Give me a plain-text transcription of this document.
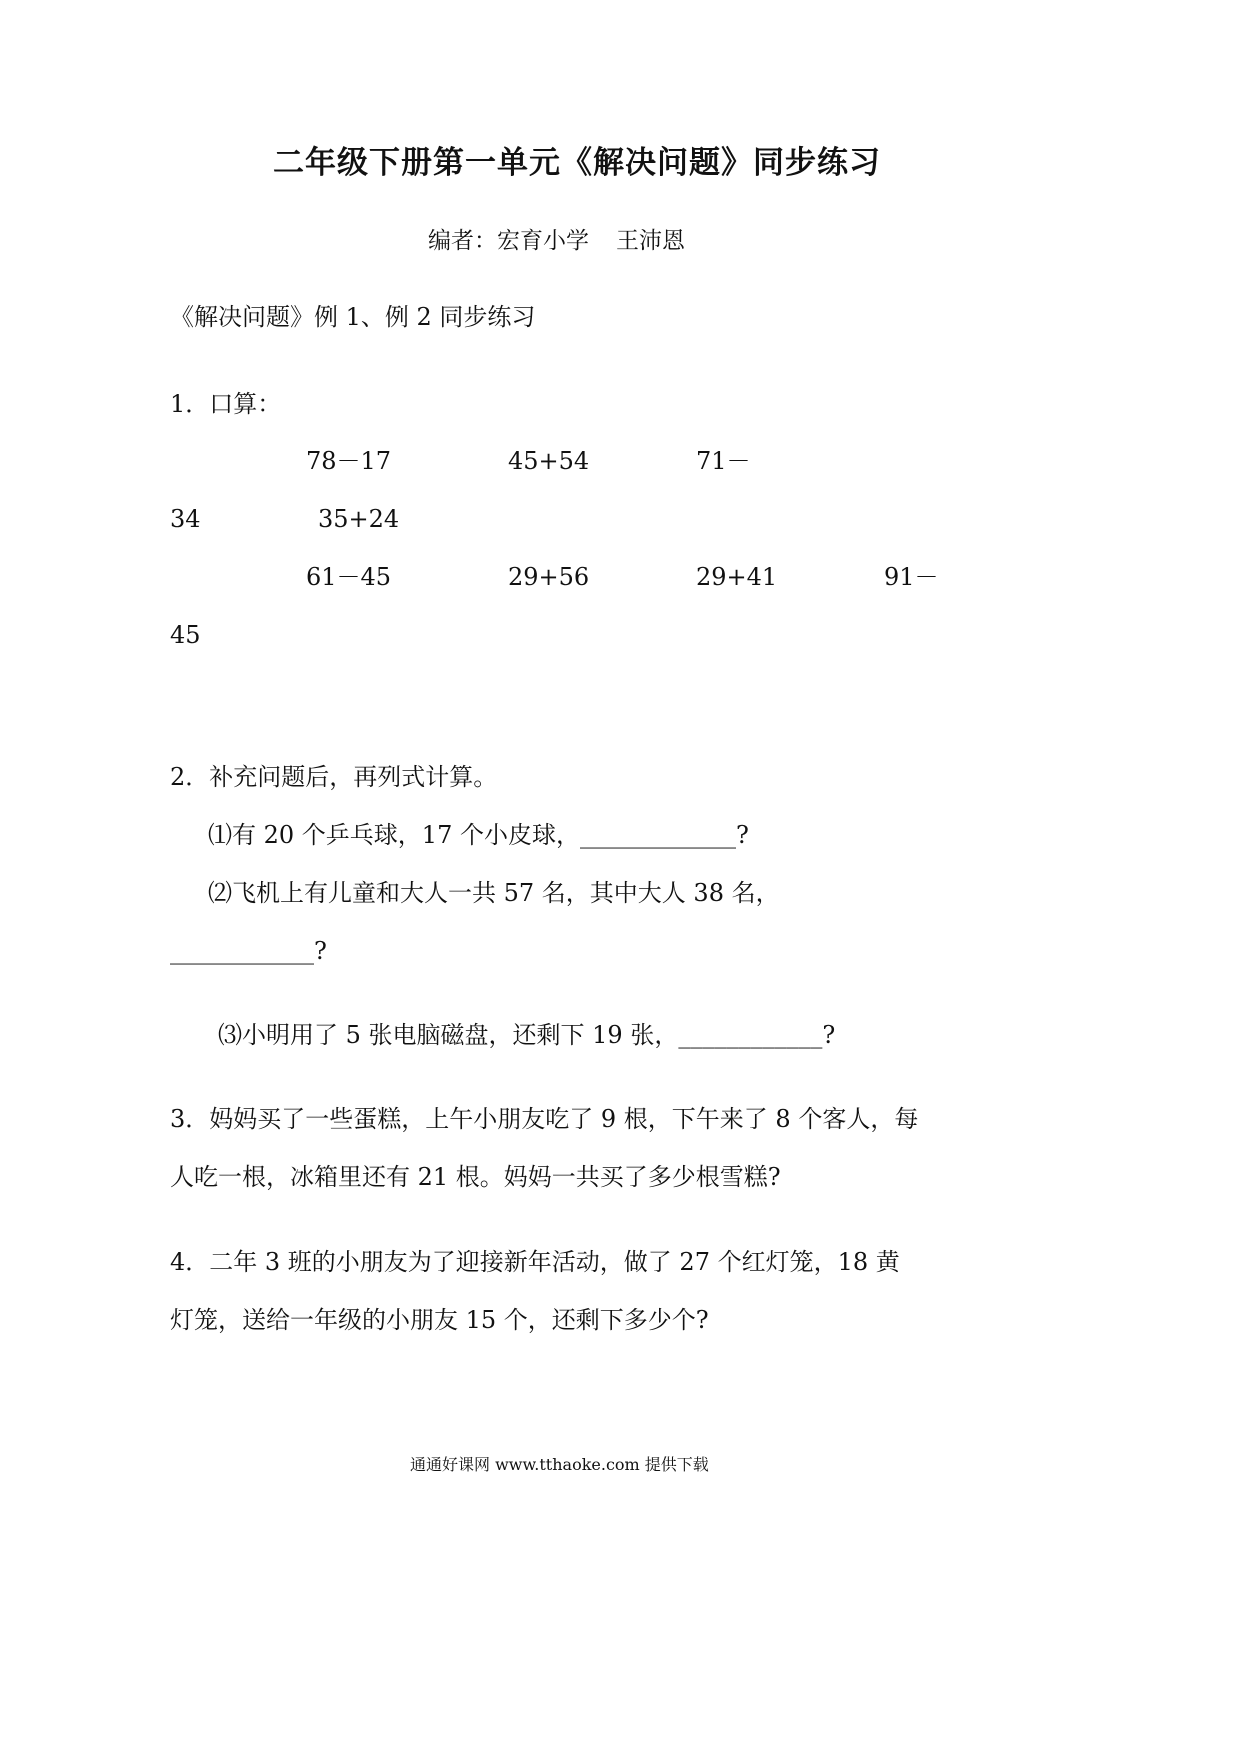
二年级下册第一单元《解决问题》同步练习
编者：宏育小学 王沛恩
《解决问题》例 1、例 2 同步练习
1．口算：
78－17	45+54	71－
34	35+24
61－45	29+56	29+41	91－
45
2．补充问题后，再列式计算。
⑴有 20 个乒乓球，17 个小皮球，_____________?
⑵飞机上有儿童和大人一共 57 名，其中大人 38 名，
____________?
⑶小明用了 5 张电脑磁盘，还剩下 19 张，____________?
3．妈妈买了一些蛋糕，上午小朋友吃了 9 根，下午来了 8 个客人，每
人吃一根，冰箱里还有 21 根。妈妈一共买了多少根雪糕?
4．二年 3 班的小朋友为了迎接新年活动，做了 27 个红灯笼，18 黄
灯笼，送给一年级的小朋友 15 个，还剩下多少个?
通通好课网 www.tthaoke.com 提供下载
